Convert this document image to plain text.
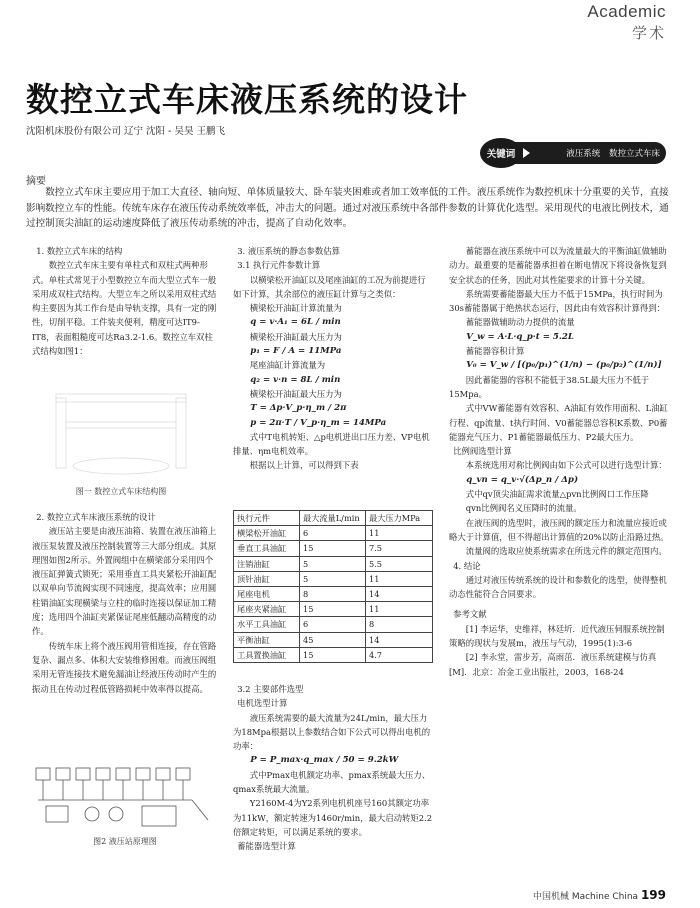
Academic
学术
数控立式车床液压系统的设计
沈阳机床股份有限公司 辽宁 沈阳 - 吴昊 王鹏飞
关键词	液压系统 数控立式车床
摘要

数控立式车床主要应用于加工大直径、轴向短、单体质量较大、卧车装夹困难或者加工效率低的工件。液压系统作为数控机床十分重要的关节，直接影响数控立车的性能。传统车床存在液压传动系统效率低，冲击大的问题。通过对液压系统中各部件参数的计算优化选型。采用现代的电液比例技术，通过控制顶尖油缸的运动速度降低了液压传动系统的冲击，提高了自动化效率。

1. 数控立式车床的结构

数控立式车床主要有单柱式和双柱式两种形式。单柱式常见于小型数控立车而大型立式车一般采用成双柱式结构。大型立车之所以采用双柱式结构主要因为其工作台是由导轨支撑，具有一定的刚性，切削平稳。工件装夹便利，精度可达IT9-IT8，表面粗糙度可达Ra3.2-1.6。数控立车双柱式结构如图1：

图一 数控立式车床结构图

2. 数控立式车床液压系统的设计

液压站主要是由液压油箱、装置在液压油箱上液压泵装置及液压控制装置等三大部分组成。其原理图如图2所示。外置阀组中在横梁部分采用四个液压缸弹簧式锁死；采用垂直工具夹紧松开油缸配以双单向节流阀实现不同速度，提高效率；应用圆柱销油缸实现横梁与立柱的临时连接以保证加工精度；选用四个油缸夹紧保证尾座低翻动高精度的动作。

传统车床上将个液压阀用管相连接，存在管路复杂、漏点多、体积大安装维修困难。而液压阀组采用无管连接技术避免漏油让经液压传动时产生的振动且在传动过程低管路损耗中效率得以提高。

图2 液压站原理图

3. 液压系统的静态参数估算

3.1 执行元件参数计算

以横梁松开油缸以及尾座油缸的工况为前提进行如下计算，其余部位的液压缸计算与之类似：

横梁松开油缸计算流量为

q = v·A₁ = 6L / min

横梁松开油缸最大压力为

p₁ = F / A = 11MPa

尾座油缸计算流量为

q₂ = v·n = 8L / min

横梁松开油缸最大压力为

T = Δp·V_p·η_m / 2π

p = 2π·T / V_p·η_m = 14MPa

式中T电机转矩、△p电机进出口压力差、VP电机排量、ηm电机效率。

根据以上计算，可以得到下表

执行元件	最大流量L/min	最大压力MPa
横梁松开油缸	6	11
垂直工具油缸	15	7.5
注销油缸	5	5.5
顶针油缸	5	11
尾座电机	8	14
尾座夹紧油缸	15	11
水平工具油缸	6	8
平衡油缸	45	14
工具置换油缸	15	4.7

3.2 主要部件选型

电机选型计算

液压系统需要的最大流量为24L/min，最大压力为18Mpa根据以上参数结合如下公式可以得出电机的功率：

P = P_max·q_max / 50 = 9.2kW

式中Pmax电机额定功率、pmax系统最大压力、qmax系统最大流量。

Y2160M-4为Y2系列电机机座号160其额定功率为11kW，额定转速为1460r/min，最大启动转矩2.2倍额定转矩，可以满足系统的要求。

蓄能器选型计算

蓄能器在液压系统中可以为流量最大的平衡油缸做辅助动力。最重要的是蓄能器承担着在断电情况下将设备恢复到安全状态的任务，因此对其性能要求的计算十分关键。

系统需要蓄能器最大压力不低于15MPa，执行时间为30s蓄能器属于绝热状态运行，因此由有效容积计算得到：

蓄能器做辅助动力提供的流量

V_w = A·L·q_p·t = 5.2L

蓄能器容积计算

V₀ = V_w / [(p₀/p₁)^(1/n) − (p₀/p₂)^(1/n)]

因此蓄能器的容积不能低于38.5L最大压力不低于15Mpa。

式中VW蓄能器有效容积、A油缸有效作用面积、L油缸行程、qp流量、t执行时间、V0蓄能器总容积K系数、P0蓄能器充气压力、P1蓄能器最低压力、P2最大压力。

比例阀选型计算

本系统选用对称比例阀由如下公式可以进行选型计算：

q_vn = q_v·√(Δp_n / Δp)

式中qv顶尖油缸需求流量△pvn比例阀口工作压降

qvn比例阀名义压降时的流量。

在液压阀的选型时，液压阀的额定压力和流量应接近或略大于计算值，但不得超出计算值的20%以防止沿路过热。

流量阀的选取应使系统需求在所选元件的额定范围内。

4. 结论

通过对液压传统系统的设计和参数化的选型，使得整机动态性能符合合同要求。

参考文献

[1] 李运华，史维祥，林廷圻．近代液压伺服系统控制策略的现状与发展m，液压与气动，1995(1):3-6

[2] 李永堂，雷步芳，高雨茁．液压系统建模与仿真[M]．北京：冶金工业出版社，2003，168-24

中国机械 Machine China 199
